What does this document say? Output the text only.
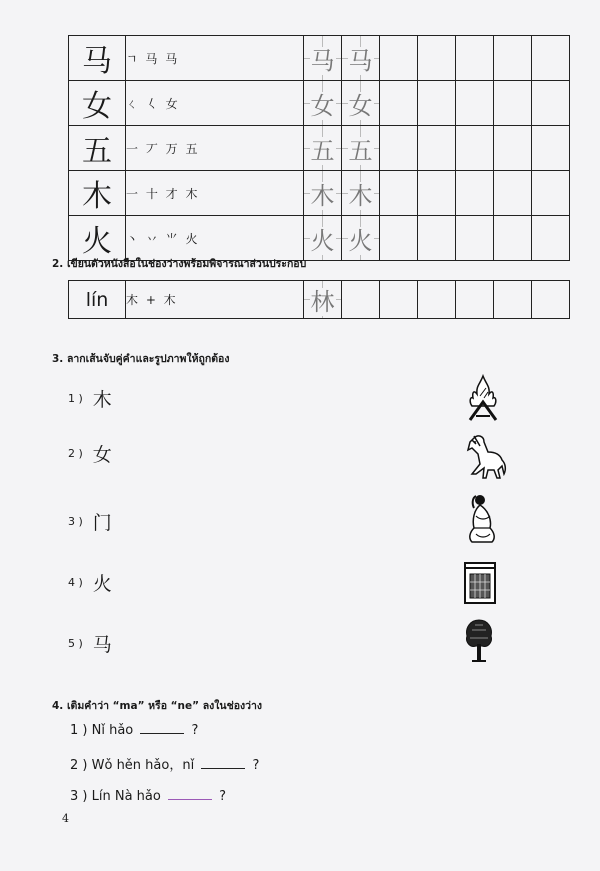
马	ㄱ 马 马	马	马					
女	ㄑ 𡿨 女	女	女					
五	一 丆 万 五	五	五					
木	一 十 才 木	木	木					
火	丶 丷 ⺌ 火	火	火					
2. เขียนตัวหนังสือในช่องว่างพร้อมพิจารณาส่วนประกอบ
lín	木 + 木	林						
3. ลากเส้นจับคู่คำและรูปภาพให้ถูกต้อง
1 ) 木
2 ) 女
3 ) 门
4 ) 火
5 ) 马
4. เติมคำว่า “ma” หรือ “ne” ลงในช่องว่าง
1 ) Nǐ hǎo	?
2 ) Wǒ hěn hǎo，nǐ	?
3 ) Lín Nà hǎo	?
4
